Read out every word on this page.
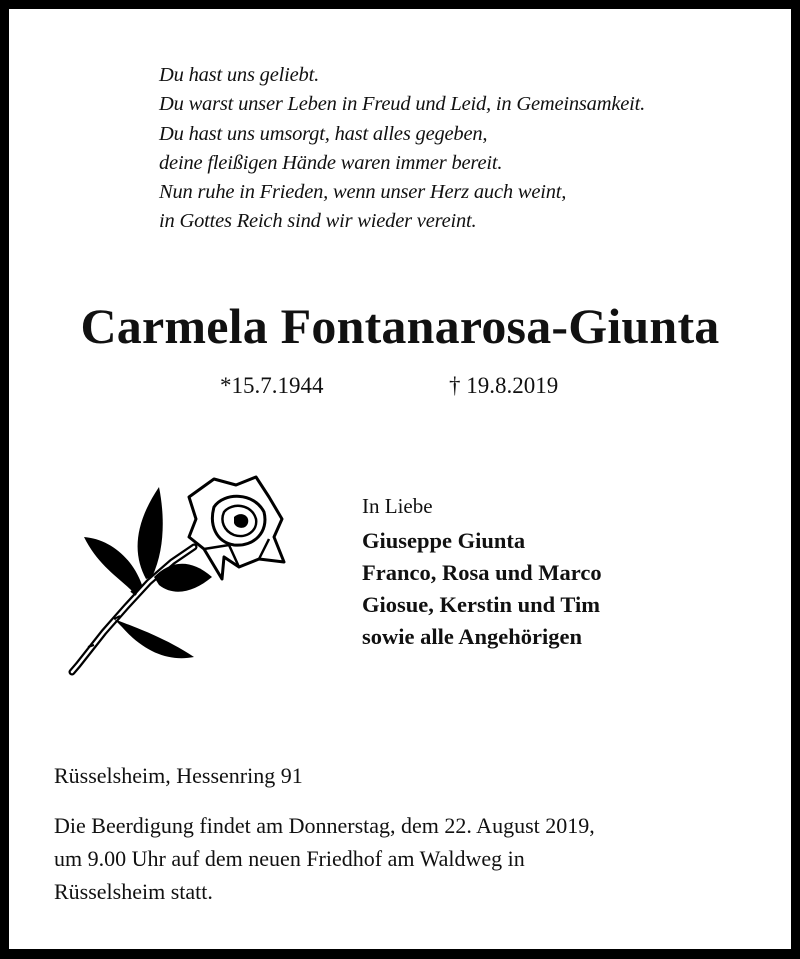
Du hast uns geliebt.
Du warst unser Leben in Freud und Leid, in Gemeinsamkeit.
Du hast uns umsorgt, hast alles gegeben,
deine fleißigen Hände waren immer bereit.
Nun ruhe in Frieden, wenn unser Herz auch weint,
in Gottes Reich sind wir wieder vereint.
Carmela Fontanarosa-Giunta
*15.7.1944	† 19.8.2019
In Liebe
Giuseppe Giunta
Franco, Rosa und Marco
Giosue, Kerstin und Tim
sowie alle Angehörigen
Rüsselsheim, Hessenring 91
Die Beerdigung findet am Donnerstag, dem 22. August 2019,
um 9.00 Uhr auf dem neuen Friedhof am Waldweg in
Rüsselsheim statt.
